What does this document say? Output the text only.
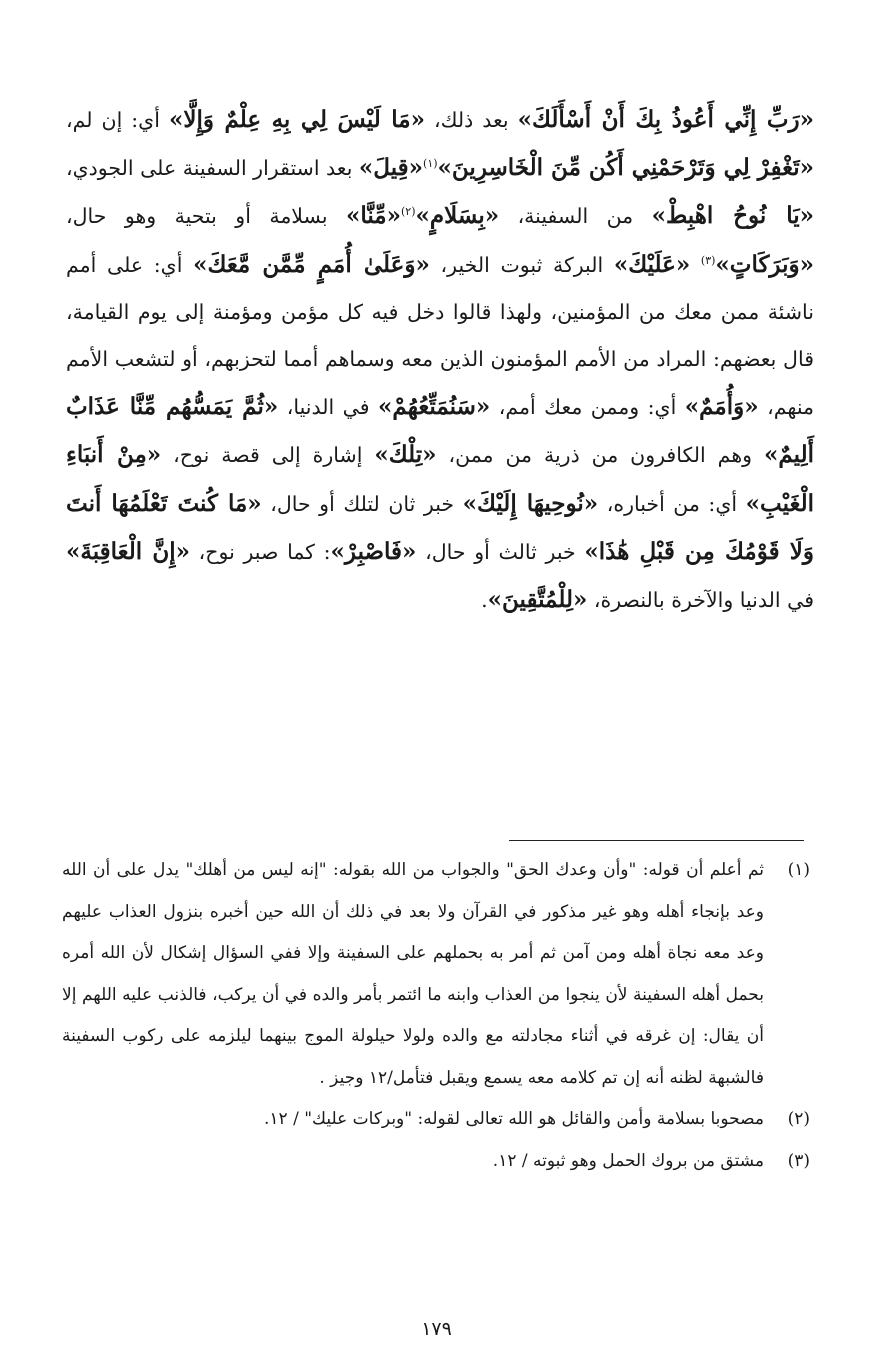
«رَبِّ إِنِّي أَعُوذُ بِكَ أَنْ أَسْأَلَكَ» بعد ذلك، «مَا لَيْسَ لِي بِهِ عِلْمٌ وَإِلَّا» أي: إن لم، «تَغْفِرْ لِي وَتَرْحَمْنِي أَكُن مِّنَ الْخَاسِرِينَ»$^{(١)}$«قِيلَ» بعد استقرار السفينة على الجودي، «يَا نُوحُ اهْبِطْ» من السفينة، «بِسَلَامٍ»$^{(٢)}$«مِّنَّا» بسلامة أو بتحية وهو حال، «وَبَرَكَاتٍ»$^{(٣)}$ «عَلَيْكَ» البركة ثبوت الخير، «وَعَلَىٰ أُمَمٍ مِّمَّن مَّعَكَ» أي: على أمم ناشئة ممن معك من المؤمنين، ولهذا قالوا دخل فيه كل مؤمن ومؤمنة إلى يوم القيامة، قال بعضهم: المراد من الأمم المؤمنون الذين معه وسماهم أمما لتحزبهم، أو لتشعب الأمم منهم، «وَأُمَمٌ» أي: وممن معك أمم، «سَنُمَتِّعُهُمْ» في الدنيا، «ثُمَّ يَمَسُّهُم مِّنَّا عَذَابٌ أَلِيمٌ» وهم الكافرون من ذرية من ممن، «تِلْكَ» إشارة إلى قصة نوح، «مِنْ أَنبَاءِ الْغَيْبِ» أي: من أخباره، «نُوحِيهَا إِلَيْكَ» خبر ثان لتلك أو حال، «مَا كُنتَ تَعْلَمُهَا أَنتَ وَلَا قَوْمُكَ مِن قَبْلِ هَٰذَا» خبر ثالث أو حال، «فَاصْبِرْ»: كما صبر نوح، «إِنَّ الْعَاقِبَةَ» في الدنيا والآخرة بالنصرة، «لِلْمُتَّقِينَ».

(١)
ثم أعلم أن قوله: "وأن وعدك الحق" والجواب من الله بقوله: "إنه ليس من أهلك" يدل على أن الله وعد بإنجاء أهله وهو غير مذكور في القرآن ولا بعد في ذلك أن الله حين أخبره بنزول العذاب عليهم وعد معه نجاة أهله ومن آمن ثم أمر به بحملهم على السفينة وإلا ففي السؤال إشكال لأن الله أمره بحمل أهله السفينة لأن ينجوا من العذاب وابنه ما ائتمر بأمر والده في أن يركب، فالذنب عليه اللهم إلا أن يقال: إن غرقه في أثناء مجادلته مع والده ولولا حيلولة الموج بينهما ليلزمه على ركوب السفينة فالشبهة لظنه أنه إن تم كلامه معه يسمع ويقبل فتأمل/١٢ وجيز .
(٢)
مصحوبا بسلامة وأمن والقائل هو الله تعالى لقوله: "وبركات عليك" / ١٢.
(٣)
مشتق من بروك الحمل وهو ثبوته / ١٢.
١٧٩
